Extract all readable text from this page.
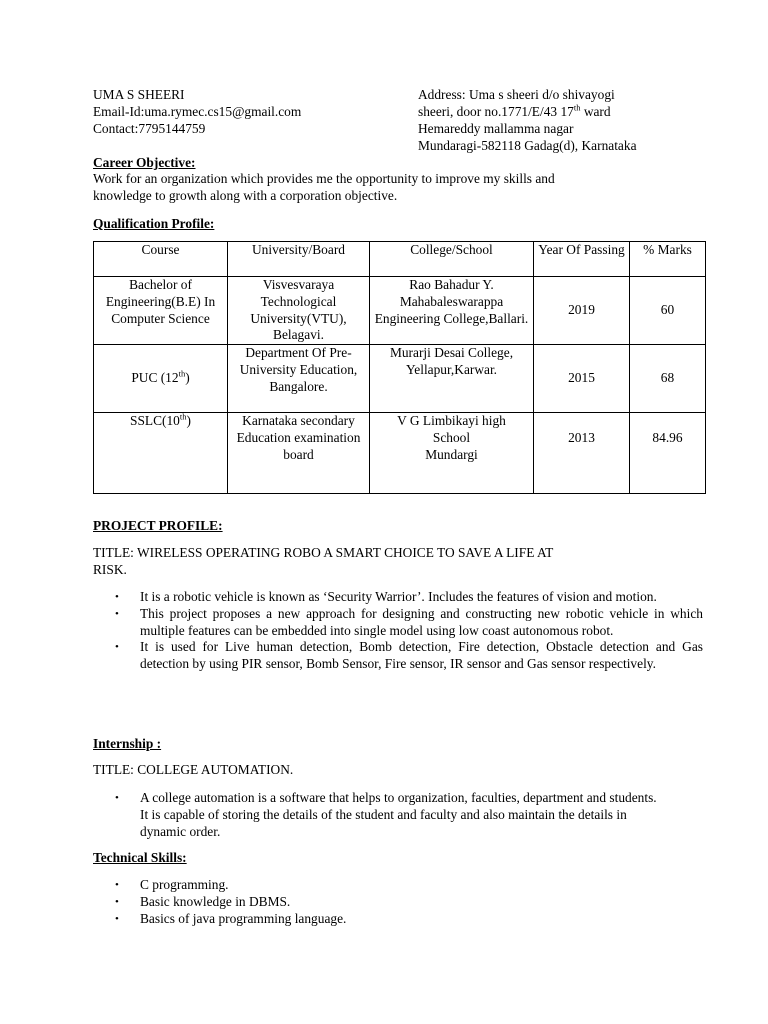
UMA S SHEERI
Email-Id:uma.rymec.cs15@gmail.com
Contact:7795144759
Address: Uma s sheeri d/o shivayogi
sheeri, door no.1771/E/43 17th ward
Hemareddy mallamma nagar
Mundaragi-582118 Gadag(d), Karnataka
Career Objective:
Work for an organization which provides me the opportunity to improve my skills and
knowledge to growth along with a corporation objective.
Qualification Profile:
Course	University/Board	College/School	Year Of Passing	% Marks
Bachelor of Engineering(B.E) In Computer Science	Visvesvaraya Technological University(VTU), Belagavi.	Rao Bahadur Y. Mahabaleswarappa Engineering College,Ballari.	2019	60
PUC (12th)	Department Of Pre-University Education, Bangalore.	Murarji Desai College, Yellapur,Karwar.	2015	68
SSLC(10th)	Karnataka secondary Education examination board	V G Limbikayi high
School
Mundargi	2013	84.96
PROJECT PROFILE:
TITLE: WIRELESS OPERATING ROBO A SMART CHOICE TO SAVE A LIFE AT
RISK.
• It is a robotic vehicle is known as ‘Security Warrior’. Includes the features of vision and motion.
• This project proposes a new approach for designing and constructing new robotic vehicle in which multiple features can be embedded into single model using low coast autonomous robot.
• It is used for Live human detection, Bomb detection, Fire detection, Obstacle detection and Gas detection by using PIR sensor, Bomb Sensor, Fire sensor, IR sensor and Gas sensor respectively.
Internship :
TITLE: COLLEGE AUTOMATION.
• A college automation is a software that helps to organization, faculties, department and students. It is capable of storing the details of the student and faculty and also maintain the details in dynamic order.
Technical Skills:
• C programming.
• Basic knowledge in DBMS.
• Basics of java programming language.
